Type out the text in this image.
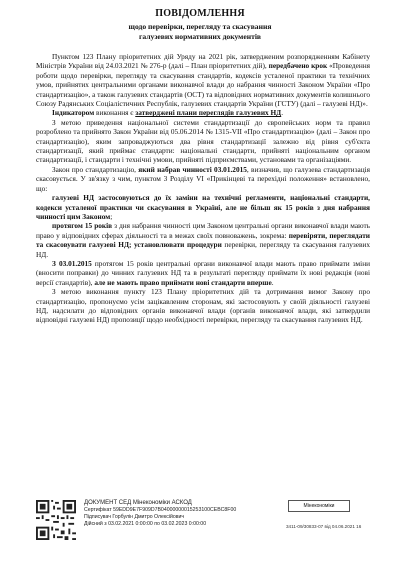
ПОВІДОМЛЕННЯ
щодо перевірки, перегляду та скасування
галузевих нормативних документів

Пунктом 123 Плану пріоритетних дій Уряду на 2021 рік, затвердженим розпорядженням Кабінету Міністрів України від 24.03.2021 № 276-р (далі – План пріоритетних дій), передбачено крок «Проведення роботи щодо перевірки, перегляду та скасування стандартів, кодексів усталеної практики та технічних умов, прийнятих центральними органами виконавчої влади до набрання чинності Законом України «Про стандартизацію», а також галузевих стандартів (ОСТ) та відповідних нормативних документів колишнього Союзу Радянських Соціалістичних Республік, галузевих стандартів України (ГСТУ) (далі – галузеві НД)».

Індикатором виконання є затверджені плани переглядів галузевих НД.

З метою приведення національної системи стандартизації до європейських норм та правил розроблено та прийнято Закон України від 05.06.2014 № 1315-VII «Про стандартизацію» (далі – Закон про стандартизацію), яким запроваджуються два рівня стандартизації залежно від рівня суб'єкта стандартизації, який приймає стандарти: національні стандарти, прийняті національним органом стандартизації, і стандарти і технічні умови, прийняті підприємствами, установами та організаціями.

Закон про стандартизацію, який набрав чинності 03.01.2015, визначив, що галузева стандартизація скасовується. У зв'язку з чим, пунктом 3 Розділу VI «Прикінцеві та перехідні положення» встановлено, що:

галузеві НД застосовуються до їх заміни на технічні регламенти, національні стандарти, кодекси усталеної практики чи скасування в Україні, але не більш як 15 років з дня набрання чинності цим Законом;

протягом 15 років з дня набрання чинності цим Законом центральні органи виконавчої влади мають право у відповідних сферах діяльності та в межах своїх повноважень, зокрема: перевіряти, переглядати та скасовувати галузеві НД; установлювати процедури перевірки, перегляду та скасування галузевих НД.

З 03.01.2015 протягом 15 років центральні органи виконавчої влади мають право приймати зміни (вносити поправки) до чинних галузевих НД та в результаті перегляду приймати їх нові редакція (нові версії стандартів), але не мають право приймати нові стандарти вперше.

З метою виконання пункту 123 Плану пріоритетних дій та дотримання вимог Закону про стандартизацію, пропонуємо усім зацікавленим сторонам, які застосовують у своїй діяльності галузеві НД, надсилати до відповідних органів виконавчої влади (органів виконавчої влади, які затвердили відповідні галузеві НД) пропозиції щодо необхідності перевірки, перегляду та скасування галузевих НД.

ДОКУМЕНТ СЕД Мінекономіки АСКОД
Сертифікат 59EDD9E7F909D7B04000000015253100CEBC8F00
Підписувач Горбулін Дмитро Олексійович
Дійсний з 03.02.2021 0:00:00 по 03.02.2023 0:00:00
Мінекономіки
3411-09/30833-07 від 04.06.2021 16
